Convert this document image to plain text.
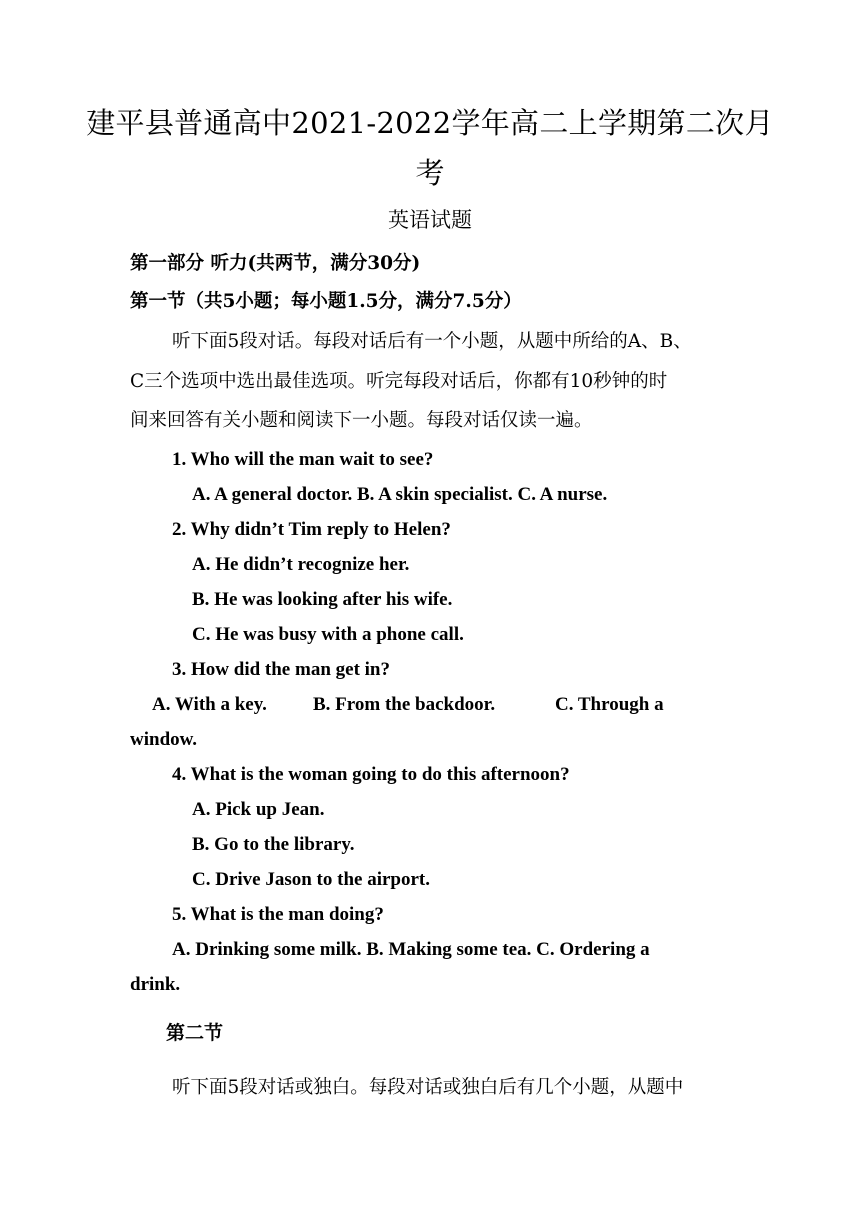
建平县普通高中2021-2022学年高二上学期第二次月
考
英语试题
第一部分 听力(共两节，满分30分)
第一节（共5小题；每小题1.5分，满分7.5分）
听下面5段对话。每段对话后有一个小题，从题中所给的A、B、
C三个选项中选出最佳选项。听完每段对话后，你都有10秒钟的时
间来回答有关小题和阅读下一小题。每段对话仅读一遍。
1. Who will the man wait to see?
A. A general doctor. B. A skin specialist. C. A nurse.
2. Why didn’t Tim reply to Helen?
A. He didn’t recognize her.
B. He was looking after his wife.
C. He was busy with a phone call.
3. How did the man get in?
A. With a key. B. From the backdoor.	C. Through a
window.
4. What is the woman going to do this afternoon?
A. Pick up Jean.
B. Go to the library.
C. Drive Jason to the airport.
5. What is the man doing?
A. Drinking some milk. B. Making some tea. C. Ordering a
drink.
第二节
听下面5段对话或独白。每段对话或独白后有几个小题，从题中
